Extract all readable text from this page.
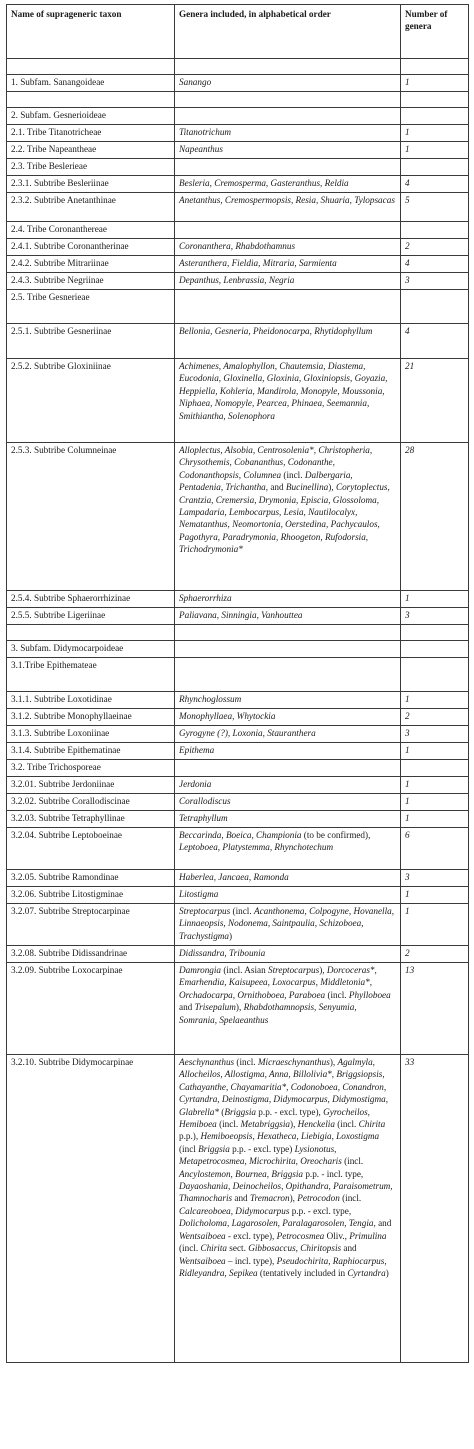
Name of suprageneric taxon	Genera included, in alphabetical order	Number of genera

1. Subfam. Sanangoideae	Sanango	1

2. Subfam. Gesnerioideae		
2.1. Tribe Titanotricheae	Titanotrichum	1
2.2. Tribe Napeantheae	Napeanthus	1
2.3. Tribe Beslerieae		
2.3.1. Subtribe Besleriinae	Besleria, Cremosperma, Gasteranthus, Reldia	4
2.3.2. Subtribe Anetanthinae	Anetanthus, Cremospermopsis, Resia, Shuaria, Tylopsacas	5
2.4. Tribe Coronanthereae		
2.4.1. Subtribe Coronantherinae	Coronanthera, Rhabdothamnus	2
2.4.2. Subtribe Mitrariinae	Asteranthera, Fieldia, Mitraria, Sarmienta	4
2.4.3. Subtribe Negriinae	Depanthus, Lenbrassia, Negria	3
2.5. Tribe Gesnerieae		
2.5.1. Subtribe Gesneriinae	Bellonia, Gesneria, Pheidonocarpa, Rhytidophyllum	4
2.5.2. Subtribe Gloxiniinae	Achimenes, Amalophyllon, Chautemsia, Diastema, Eucodonia, Gloxinella, Gloxinia, Gloxiniopsis, Goyazia, Heppiella, Kohleria, Mandirola, Monopyle, Moussonia, Niphaea, Nomopyle, Pearcea, Phinaea, Seemannia, Smithiantha, Solenophora	21
2.5.3. Subtribe Columneinae	Alloplectus, Alsobia, Centrosolenia*, Christopheria, Chrysothemis, Cobananthus, Codonanthe, Codonanthopsis, Columnea (incl. Dalbergaria, Pentadenia, Trichantha, and Bucinellina), Corytoplectus, Crantzia, Cremersia, Drymonia, Episcia, Glossoloma, Lampadaria, Lembocarpus, Lesia, Nautilocalyx, Nematanthus, Neomortonia, Oerstedina, Pachycaulos, Pagothyra, Paradrymonia, Rhoogeton, Rufodorsia, Trichodrymonia*	28
2.5.4. Subtribe Sphaerorrhizinae	Sphaerorrhiza	1
2.5.5. Subtribe Ligeriinae	Paliavana, Sinningia, Vanhouttea	3

3. Subfam. Didymocarpoideae		
3.1.Tribe Epithemateae		
3.1.1. Subtribe Loxotidinae	Rhynchoglossum	1
3.1.2. Subtribe Monophyllaeinae	Monophyllaea, Whytockia	2
3.1.3. Subtribe Loxoniinae	Gyrogyne (?), Loxonia, Stauranthera	3
3.1.4. Subtribe Epithematinae	Epithema	1
3.2. Tribe Trichosporeae		
3.2.01. Subtribe Jerdoniinae	Jerdonia	1
3.2.02. Subtribe Corallodiscinae	Corallodiscus	1
3.2.03. Subtribe Tetraphyllinae	Tetraphyllum	1
3.2.04. Subtribe Leptoboeinae	Beccarinda, Boeica, Championia (to be confirmed), Leptoboea, Platystemma, Rhynchotechum	6
3.2.05. Subtribe Ramondinae	Haberlea, Jancaea, Ramonda	3
3.2.06. Subtribe Litostigminae	Litostigma	1
3.2.07. Subtribe Streptocarpinae	Streptocarpus (incl. Acanthonema, Colpogyne, Hovanella, Linnaeopsis, Nodonema, Saintpaulia, Schizoboea, Trachystigma)	1
3.2.08. Subtribe Didissandrinae	Didissandra, Tribounia	2
3.2.09. Subtribe Loxocarpinae	Damrongia (incl. Asian Streptocarpus), Dorcoceras*, Emarhendia, Kaisupeea, Loxocarpus, Middletonia*, Orchadocarpa, Ornithoboea, Paraboea (incl. Phylloboea and Trisepalum), Rhabdothamnopsis, Senyumia, Somrania, Spelaeanthus	13
3.2.10. Subtribe Didymocarpinae	Aeschynanthus (incl. Micraeschynanthus), Agalmyla, Allocheilos, Allostigma, Anna, Billolivia*, Briggsiopsis, Cathayanthe, Chayamaritia*, Codonoboea, Conandron, Cyrtandra, Deinostigma, Didymocarpus, Didymostigma, Glabrella* (Briggsia p.p. - excl. type), Gyrocheilos, Hemiboea (incl. Metabriggsia), Henckelia (incl. Chirita p.p.), Hemiboeopsis, Hexatheca, Liebigia, Loxostigma (incl Briggsia p.p. - excl. type) Lysionotus, Metapetrocosmea, Microchirita, Oreocharis (incl. Ancylostemon, Bournea, Briggsia p.p. - incl. type, Dayaoshania, Deinocheilos, Opithandra, Paraisometrum, Thamnocharis and Tremacron), Petrocodon (incl. Calcareoboea, Didymocarpus p.p. - excl. type, Dolicholoma, Lagarosolen, Paralagarosolen, Tengia, and Wentsaiboea - excl. type), Petrocosmea Oliv., Primulina (incl. Chirita sect. Gibbosaccus, Chiritopsis and Wentsaiboea – incl. type), Pseudochirita, Raphiocarpus, Ridleyandra, Sepikea (tentatively included in Cyrtandra)	33
